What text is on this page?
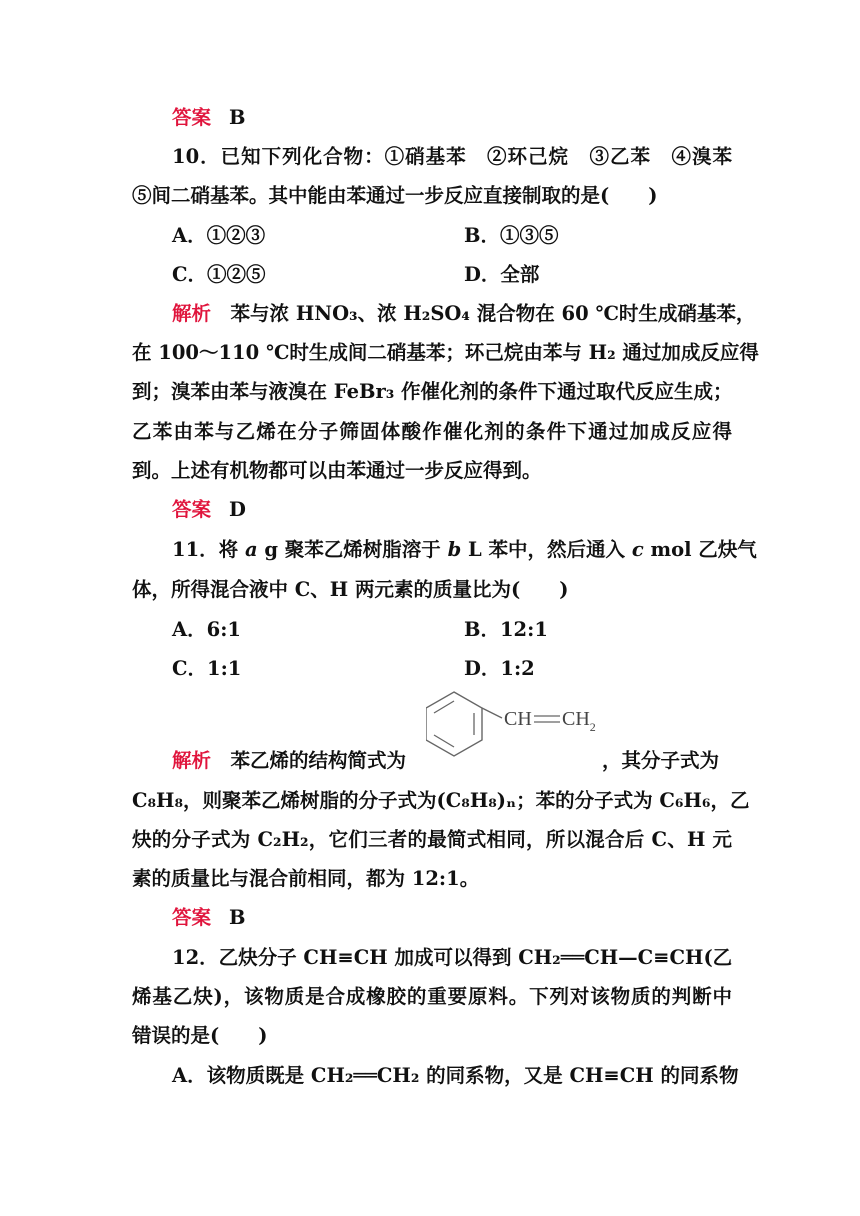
答案 B
10．已知下列化合物：①硝基苯　②环己烷　③乙苯　④溴苯
⑤间二硝基苯。其中能由苯通过一步反应直接制取的是(　　)
A．①②③	B．①③⑤
C．①②⑤	D．全部
解析　 苯与浓 HNO₃、浓 H₂SO₄ 混合物在 60 ℃时生成硝基苯，
在 100～110 ℃时生成间二硝基苯；环己烷由苯与 H₂ 通过加成反应得
到；溴苯由苯与液溴在 FeBr₃ 作催化剂的条件下通过取代反应生成；
乙苯由苯与乙烯在分子筛固体酸作催化剂的条件下通过加成反应得
到。上述有机物都可以由苯通过一步反应得到。
答案 D
11．将 a g 聚苯乙烯树脂溶于 b L 苯中，然后通入 c mol 乙炔气
体，所得混合液中 C、H 两元素的质量比为(　　)
A．6:1	B．12:1
C．1:1	D．1:2
CH $CH_2$
解析　 苯乙烯的结构简式为	，其分子式为
C₈H₈，则聚苯乙烯树脂的分子式为(C₈H₈)ₙ；苯的分子式为 C₆H₆，乙
炔的分子式为 C₂H₂，它们三者的最简式相同，所以混合后 C、H 元
素的质量比与混合前相同，都为 12:1。
答案 B
12．乙炔分子 CH≡CH 加成可以得到 CH₂══CH—C≡CH(乙
烯基乙炔)，该物质是合成橡胶的重要原料。下列对该物质的判断中
错误的是(　　)
A．该物质既是 CH₂══CH₂ 的同系物，又是 CH≡CH 的同系物
